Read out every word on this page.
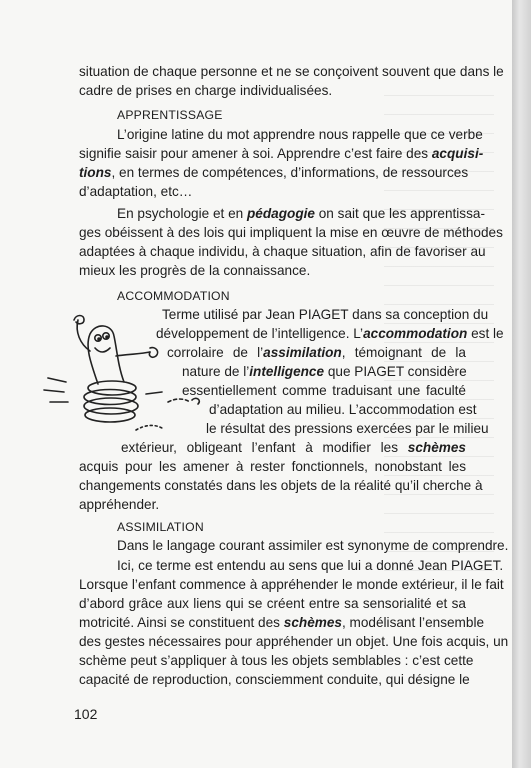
situation de chaque personne et ne se conçoivent souvent que dans le
cadre de prises en charge individualisées.
APPRENTISSAGE
L’origine latine du mot apprendre nous rappelle que ce verbe
signifie saisir pour amener à soi. Apprendre c’est faire des acquisi-
tions, en termes de compétences, d’informations, de ressources
d’adaptation, etc…
En psychologie et en pédagogie on sait que les apprentissa-
ges obéissent à des lois qui impliquent la mise en œuvre de méthodes
adaptées à chaque individu, à chaque situation, afin de favoriser au
mieux les progrès de la connaissance.
ACCOMMODATION
Terme utilisé par Jean PIAGET dans sa conception du
développement de l’intelligence. L’accommodation est le
corrolaire de l’assimilation, témoignant de la
nature de l’intelligence que PIAGET considère
essentiellement comme traduisant une faculté
d’adaptation au milieu. L’accommodation est
le résultat des pressions exercées par le milieu
extérieur, obligeant l’enfant à modifier les schèmes
acquis pour les amener à rester fonctionnels, nonobstant les
changements constatés dans les objets de la réalité qu’il cherche à
appréhender.
ASSIMILATION
Dans le langage courant assimiler est synonyme de comprendre.
Ici, ce terme est entendu au sens que lui a donné Jean PIAGET.
Lorsque l’enfant commence à appréhender le monde extérieur, il le fait
d’abord grâce aux liens qui se créent entre sa sensorialité et sa
motricité. Ainsi se constituent des schèmes, modélisant l’ensemble
des gestes nécessaires pour appréhender un objet. Une fois acquis, un
schème peut s’appliquer à tous les objets semblables : c’est cette
capacité de reproduction, consciemment conduite, qui désigne le
102
